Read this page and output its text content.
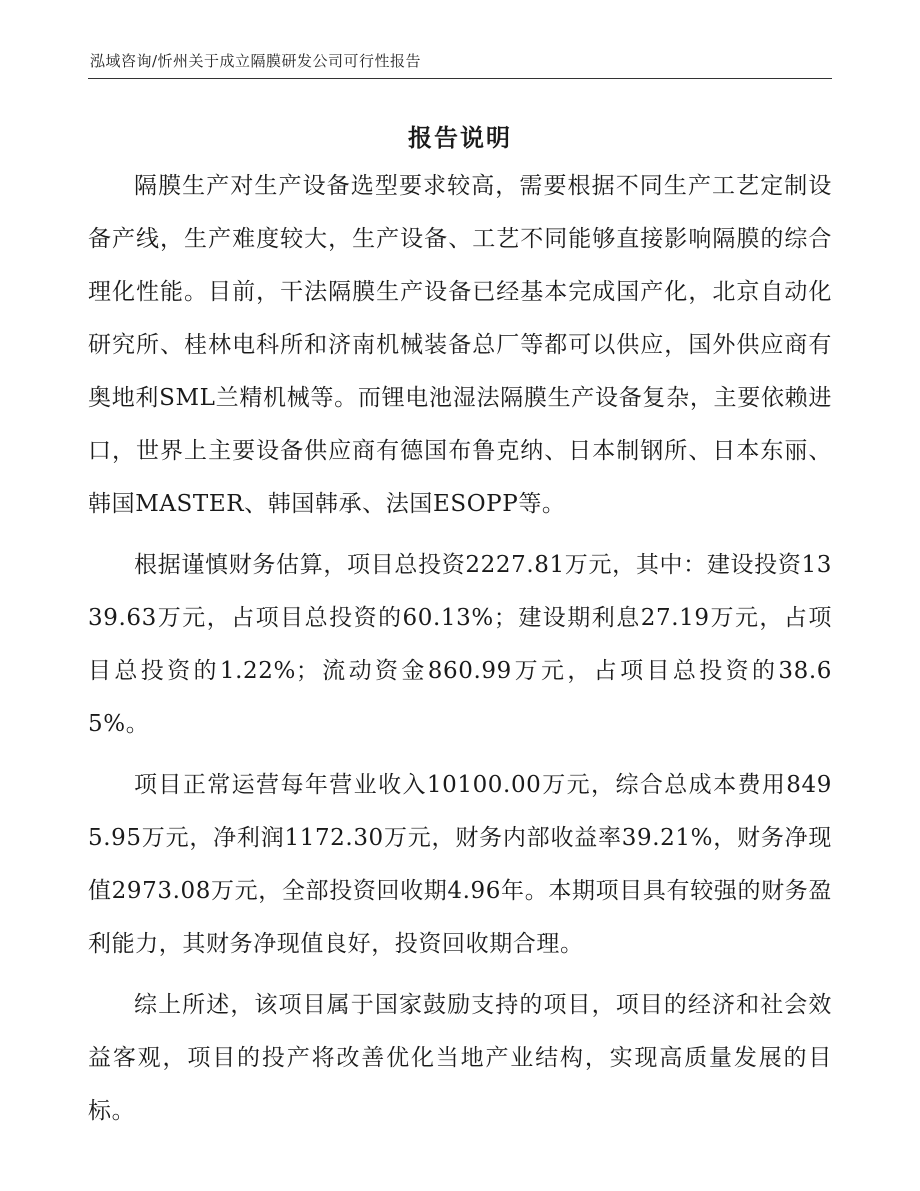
泓域咨询/忻州关于成立隔膜研发公司可行性报告
报告说明

隔膜生产对生产设备选型要求较高，需要根据不同生产工艺定制设备产线，生产难度较大，生产设备、工艺不同能够直接影响隔膜的综合理化性能。目前，干法隔膜生产设备已经基本完成国产化，北京自动化研究所、桂林电科所和济南机械装备总厂等都可以供应，国外供应商有奥地利SML兰精机械等。而锂电池湿法隔膜生产设备复杂，主要依赖进口，世界上主要设备供应商有德国布鲁克纳、日本制钢所、日本东丽、韩国MASTER、韩国韩承、法国ESOPP等。

根据谨慎财务估算，项目总投资2227.81万元，其中：建设投资1339.63万元，占项目总投资的60.13%；建设期利息27.19万元，占项目总投资的1.22%；流动资金860.99万元，占项目总投资的38.65%。

项目正常运营每年营业收入10100.00万元，综合总成本费用8495.95万元，净利润1172.30万元，财务内部收益率39.21%，财务净现值2973.08万元，全部投资回收期4.96年。本期项目具有较强的财务盈利能力，其财务净现值良好，投资回收期合理。

综上所述，该项目属于国家鼓励支持的项目，项目的经济和社会效益客观，项目的投产将改善优化当地产业结构，实现高质量发展的目标。
